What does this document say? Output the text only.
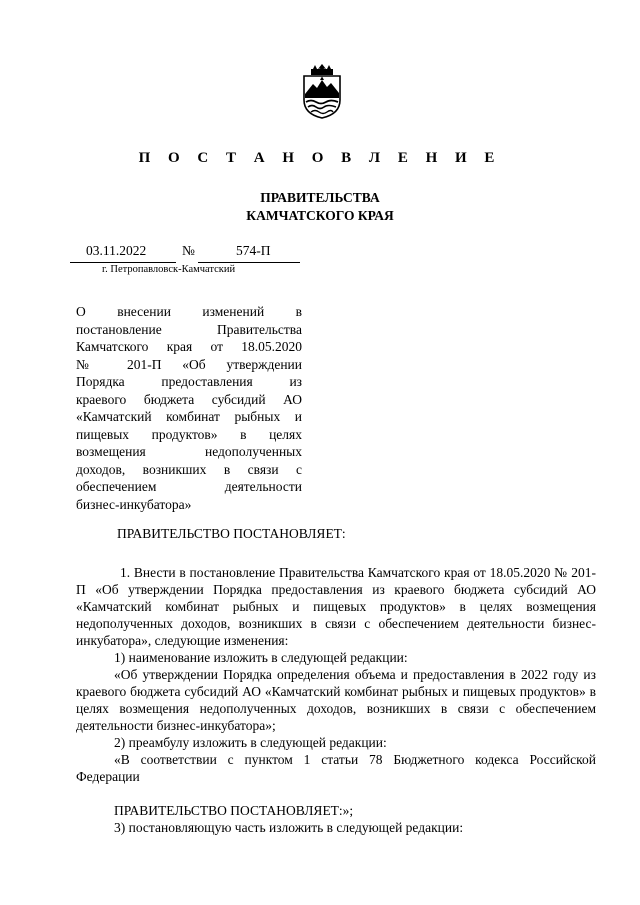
П О С Т А Н О В Л Е Н И Е
ПРАВИТЕЛЬСТВА
КАМЧАТСКОГО КРАЯ
03.11.2022	№	574-П
г. Петропавловск-Камчатский

О внесении изменений в

постановление Правительства

Камчатского края от 18.05.2020

№ 201-П «Об утверждении

Порядка предоставления из

краевого бюджета субсидий АО

«Камчатский комбинат рыбных и

пищевых продуктов» в целях

возмещения недополученных

доходов, возникших в связи с

обеспечением деятельности

бизнес-инкубатора»

ПРАВИТЕЛЬСТВО ПОСТАНОВЛЯЕТ:

1. Внести в постановление Правительства Камчатского края от 18.05.2020 № 201-П «Об утверждении Порядка предоставления из краевого бюджета субсидий АО «Камчатский комбинат рыбных и пищевых продуктов» в целях возмещения недополученных доходов, возникших в связи с обеспечением деятельности бизнес-инкубатора», следующие изменения:

1) наименование изложить в следующей редакции:

«Об утверждении Порядка определения объема и предоставления в 2022 году из краевого бюджета субсидий АО «Камчатский комбинат рыбных и пищевых продуктов» в целях возмещения недополученных доходов, возникших в связи с обеспечением деятельности бизнес-инкубатора»;

2) преамбулу изложить в следующей редакции:

«В соответствии с пунктом 1 статьи 78 Бюджетного кодекса Российской Федерации

ПРАВИТЕЛЬСТВО ПОСТАНОВЛЯЕТ:»;

3) постановляющую часть изложить в следующей редакции:
